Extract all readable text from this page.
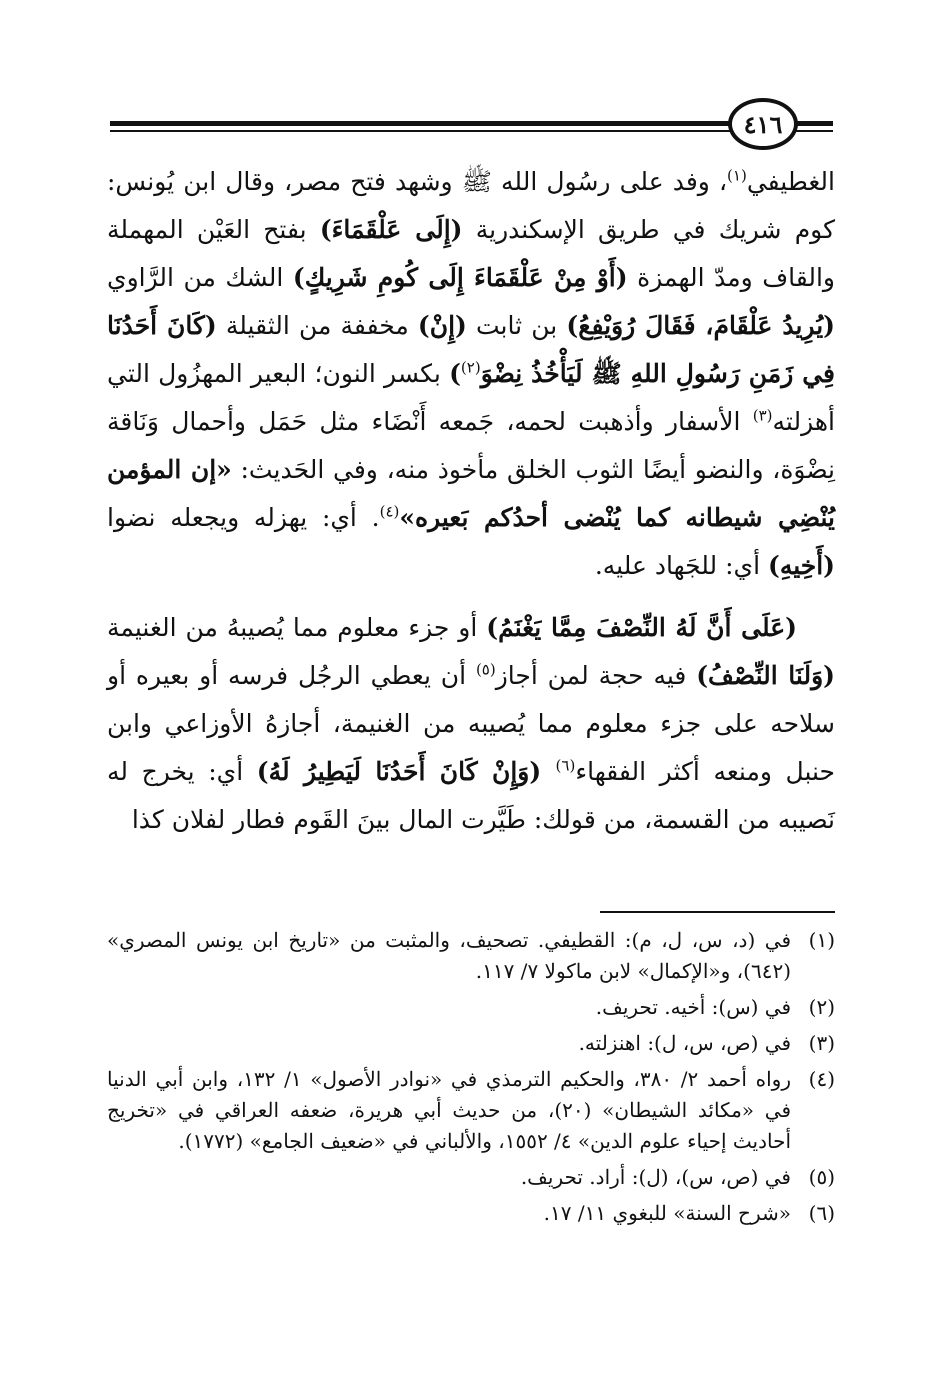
٤١٦

الغطيفي$^{(١)}$، وفد على رسُول الله ﷺ وشهد فتح مصر، وقال ابن يُونس: كوم شريك في طريق الإسكندرية (إِلَى عَلْقَمَاءَ) بفتح العَيْن المهملة والقاف ومدّ الهمزة (أَوْ مِنْ عَلْقَمَاءَ إِلَى كُومِ شَرِيكٍ) الشك من الرَّاوي (يُرِيدُ عَلْقَامَ، فَقَالَ رُوَيْفِعُ) بن ثابت (إِنْ) مخففة من الثقيلة (كَانَ أَحَدُنَا فِي زَمَنِ رَسُولِ اللهِ ﷺ لَيَأْخُذُ نِضْوَ$^{(٢)}$) بكسر النون؛ البعير المهزُول التي أهزلته$^{(٣)}$ الأسفار وأذهبت لحمه، جَمعه أَنْضَاء مثل حَمَل وأحمال وَنَاقة نِضْوَة، والنضو أيضًا الثوب الخلق مأخوذ منه، وفي الحَديث: «إن المؤمن يُنْضِي شيطانه كما يُنْضى أحدُكم بَعيره»$^{(٤)}$. أي: يهزله ويجعله نضوا (أَخِيهِ) أي: للجَهاد عليه.

(عَلَى أَنَّ لَهُ النِّصْفَ مِمَّا يَغْنَمُ) أو جزء معلوم مما يُصيبهُ من الغنيمة (وَلَنَا النِّصْفُ) فيه حجة لمن أجاز$^{(٥)}$ أن يعطي الرجُل فرسه أو بعيره أو سلاحه على جزء معلوم مما يُصيبه من الغنيمة، أجازهُ الأوزاعي وابن حنبل ومنعه أكثر الفقهاء$^{(٦)}$ (وَإِنْ كَانَ أَحَدُنَا لَيَطِيرُ لَهُ) أي: يخرج له نَصيبه من القسمة، من قولك: طَيَّرت المال بينَ القَوم فطار لفلان كذا

(١)
في (د، س، ل، م): القطيفي. تصحيف، والمثبت من «تاريخ ابن يونس المصري» (٦٤٢)، و«الإكمال» لابن ماكولا ٧/ ١١٧.
(٢)
في (س): أخيه. تحريف.
(٣)
في (ص، س، ل): اهنزلته.
(٤)
رواه أحمد ٢/ ٣٨٠، والحكيم الترمذي في «نوادر الأصول» ١/ ١٣٢، وابن أبي الدنيا في «مكائد الشيطان» (٢٠)، من حديث أبي هريرة، ضعفه العراقي في «تخريج أحاديث إحياء علوم الدين» ٤/ ١٥٥٢، والألباني في «ضعيف الجامع» (١٧٧٢).
(٥)
في (ص، س)، (ل): أراد. تحريف.
(٦)
«شرح السنة» للبغوي ١١/ ١٧.
